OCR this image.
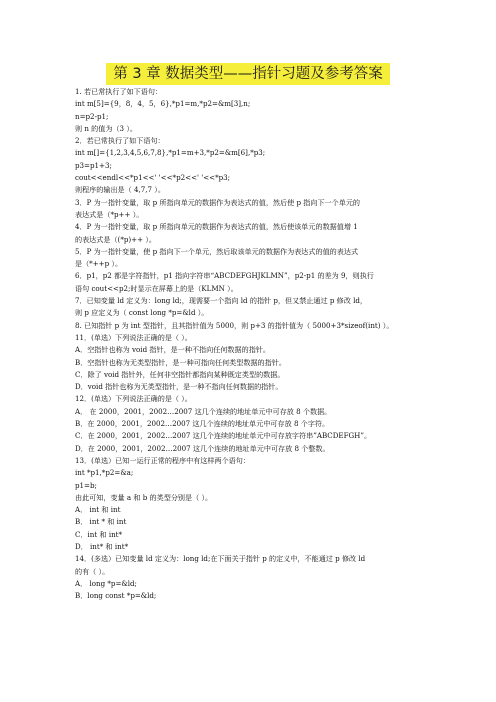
第 3 章 数据类型——指针习题及参考答案
1. 若已常执行了如下语句：
int m[5]={9，8，4，5，6},*p1=m,*p2=&m[3],n;
n=p2-p1;
则 n 的值为（3 ）。
2．若已常执行了如下语句：
int m[]={1,2,3,4,5,6,7,8},*p1=m+3,*p2=&m[6],*p3;
p3=p1+3;
cout<<endl<<*p1<<' '<<*p2<<' '<<*p3;
则程序的输出是（ 4,7,7 ）。
3．P 为一指针变量，取 p 所指向单元的数据作为表达式的值，然后使 p 指向下一个单元的
表达式是（*p++ ）。
4．P 为一指针变量，取 p 所指向单元的数据作为表达式的值，然后使该单元的数据值增 1
的表达式是（(*p)++ ）。
5．P 为一指针变量，使 p 指向下一个单元，然后取该单元的数据作为表达式的值的表达式
是（*++p ）。
6．p1，p2 都是字符指针，p1 指向字符串“ABCDEFGHJKLMN”，p2-p1 的差为 9，则执行
语句 cout<<p2;时显示在屏幕上的是（KLMN ）。
7．已知变量 ld 定义为：long ld;，现需要一个指向 ld 的指针 p，但又禁止通过 p 修改 ld，
则 p 应定义为（ const long *p=&ld ）。
8. 已知指针 p 为 int 型指针，且其指针值为 5000，则 p+3 的指针值为（ 5000+3*sizeof(int) ）。
11．(单选）下列说法正确的是（ ）。
A．空指针也称为 void 指针，是一种不指向任何数据的指针。
B．空指针也称为无类型指针，是一种可指向任何类型数据的指针。
C．除了 void 指针外，任何非空指针都指向某种既定类型的数据。
D．void 指针也称为无类型指针，是一种不指向任何数据的指针。
12．(单选）下列说法正确的是（ ）。
A． 在 2000，2001，2002…2007 这几个连续的地址单元中可存放 8 个数据。
B．在 2000，2001，2002…2007 这几个连续的地址单元中可存放 8 个字符。
C．在 2000，2001，2002…2007 这几个连续的地址单元中可存放字符串”ABCDEFGH”。
D．在 2000，2001，2002…2007 这几个连续的地址单元中可存放 8 个整数。
13．(单选）已知一运行正常的程序中有这样两个语句：
int *p1,*p2=&a;
p1=b;
由此可知，变量 a 和 b 的类型分别是（ ）。
A． int 和 int
B． int * 和 int
C．int 和 int*
D． int* 和 int*
14．(多选）已知变量 ld 定义为：long ld;在下面关于指针 p 的定义中，不能通过 p 修改 ld
的有（ ）。
A． long *p=&ld;
B．long const *p=&ld;
